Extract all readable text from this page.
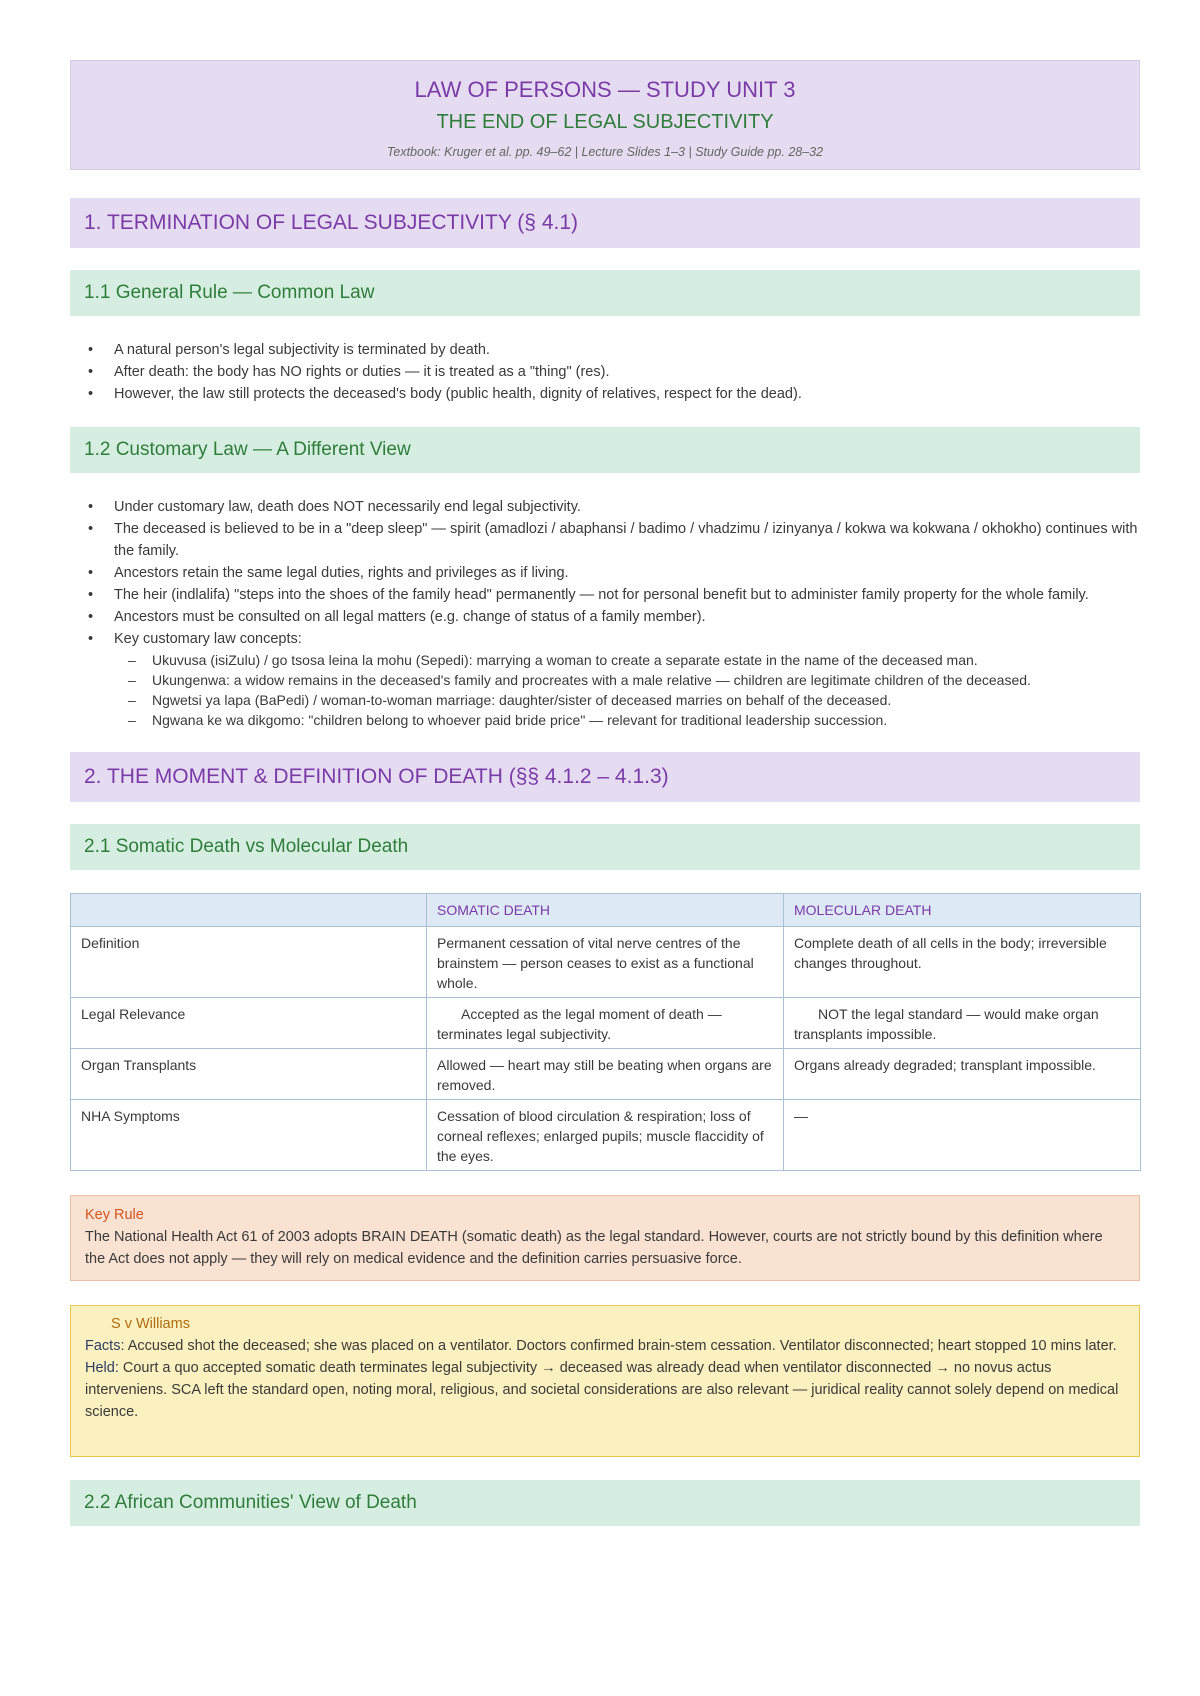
LAW OF PERSONS — STUDY UNIT 3
THE END OF LEGAL SUBJECTIVITY
Textbook: Kruger et al. pp. 49–62 | Lecture Slides 1–3 | Study Guide pp. 28–32
1. TERMINATION OF LEGAL SUBJECTIVITY (§ 4.1)
1.1 General Rule — Common Law
• A natural person's legal subjectivity is terminated by death.
• After death: the body has NO rights or duties — it is treated as a "thing" (res).
• However, the law still protects the deceased's body (public health, dignity of relatives, respect for the dead).
1.2 Customary Law — A Different View
• Under customary law, death does NOT necessarily end legal subjectivity.
• The deceased is believed to be in a "deep sleep" — spirit (amadlozi / abaphansi / badimo / vhadzimu / izinyanya / kokwa wa kokwana / okhokho) continues with the family.
• Ancestors retain the same legal duties, rights and privileges as if living.
• The heir (indlalifa) "steps into the shoes of the family head" permanently — not for personal benefit but to administer family property for the whole family.
• Ancestors must be consulted on all legal matters (e.g. change of status of a family member).
• Key customary law concepts:
– Ukuvusa (isiZulu) / go tsosa leina la mohu (Sepedi): marrying a woman to create a separate estate in the name of the deceased man.
– Ukungenwa: a widow remains in the deceased's family and procreates with a male relative — children are legitimate children of the deceased.
– Ngwetsi ya lapa (BaPedi) / woman-to-woman marriage: daughter/sister of deceased marries on behalf of the deceased.
– Ngwana ke wa dikgomo: "children belong to whoever paid bride price" — relevant for traditional leadership succession.
2. THE MOMENT & DEFINITION OF DEATH (§§ 4.1.2 – 4.1.3)
2.1 Somatic Death vs Molecular Death
	SOMATIC DEATH	MOLECULAR DEATH
Definition	Permanent cessation of vital nerve centres of the brainstem — person ceases to exist as a functional whole.	Complete death of all cells in the body; irreversible changes throughout.
Legal Relevance	Accepted as the legal moment of death — terminates legal subjectivity.	NOT the legal standard — would make organ transplants impossible.
Organ Transplants	Allowed — heart may still be beating when organs are removed.	Organs already degraded; transplant impossible.
NHA Symptoms	Cessation of blood circulation & respiration; loss of corneal reflexes; enlarged pupils; muscle flaccidity of the eyes.	—
Key Rule
The National Health Act 61 of 2003 adopts BRAIN DEATH (somatic death) as the legal standard. However, courts are not strictly bound by this definition where the Act does not apply — they will rely on medical evidence and the definition carries persuasive force.
S v Williams
Facts: Accused shot the deceased; she was placed on a ventilator. Doctors confirmed brain-stem cessation. Ventilator disconnected; heart stopped 10 mins later.
Held: Court a quo accepted somatic death terminates legal subjectivity → deceased was already dead when ventilator disconnected → no novus actus interveniens. SCA left the standard open, noting moral, religious, and societal considerations are also relevant — juridical reality cannot solely depend on medical science.
2.2 African Communities' View of Death
